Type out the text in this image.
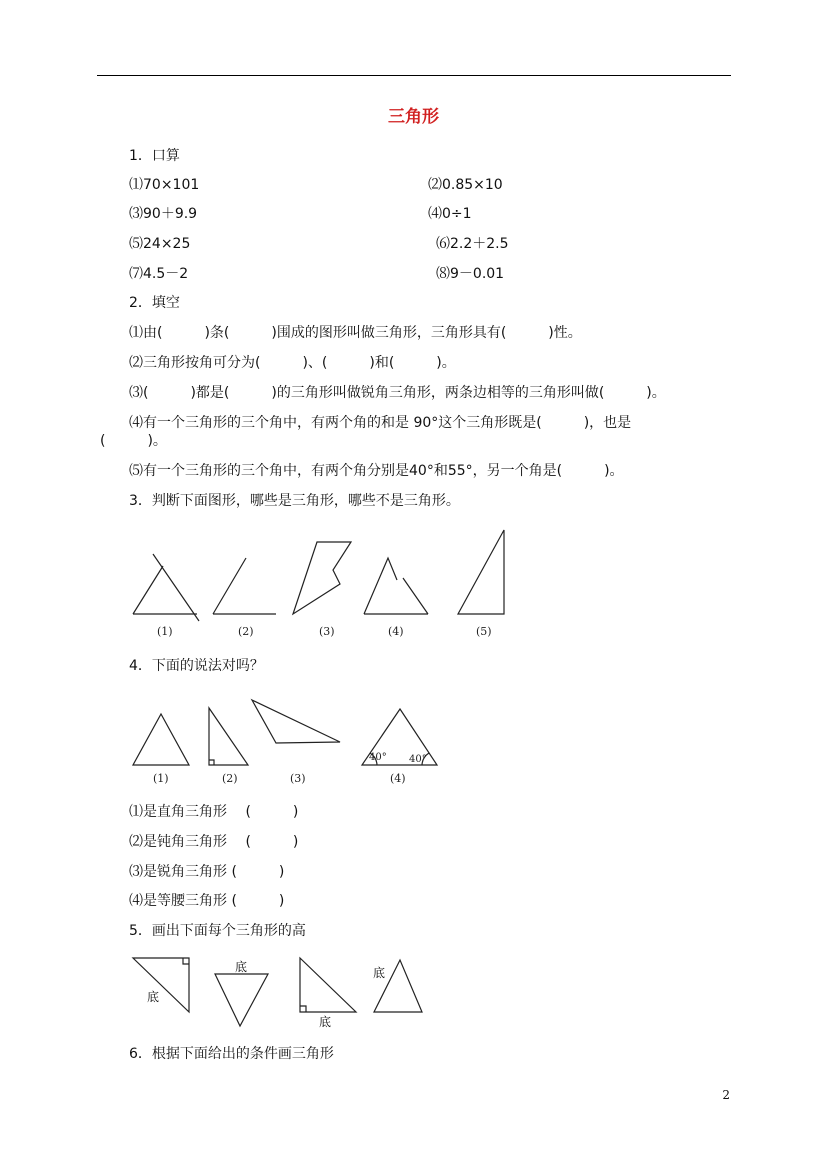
三角形
1．口算
⑴70×101	⑵0.85×10
⑶90＋9.9	⑷0÷1
⑸24×25	⑹2.2＋2.5
⑺4.5－2	⑻9－0.01
2．填空
⑴由(　　　)条(　　　)围成的图形叫做三角形，三角形具有(　　　)性。
⑵三角形按角可分为(　　　)、(　　　)和(　　　)。
⑶(　　　)都是(　　　)的三角形叫做锐角三角形，两条边相等的三角形叫做(　　　)。
⑷有一个三角形的三个角中，有两个角的和是 90°这个三角形既是(　　　)，也是
(　　　)。
⑸有一个三角形的三个角中，有两个角分别是40°和55°，另一个角是(　　　)。
3．判断下面图形，哪些是三角形，哪些不是三角形。
(1)	(2)	(3)	(4)	(5)
4．下面的说法对吗？
40° 40°
(1)	(2)	(3)	(4)
⑴是直角三角形　 (　　　)
⑵是钝角三角形　 (　　　)
⑶是锐角三角形 (　　　)
⑷是等腰三角形 (　　　)
5．画出下面每个三角形的高
底
底
底
底
6．根据下面给出的条件画三角形
2
